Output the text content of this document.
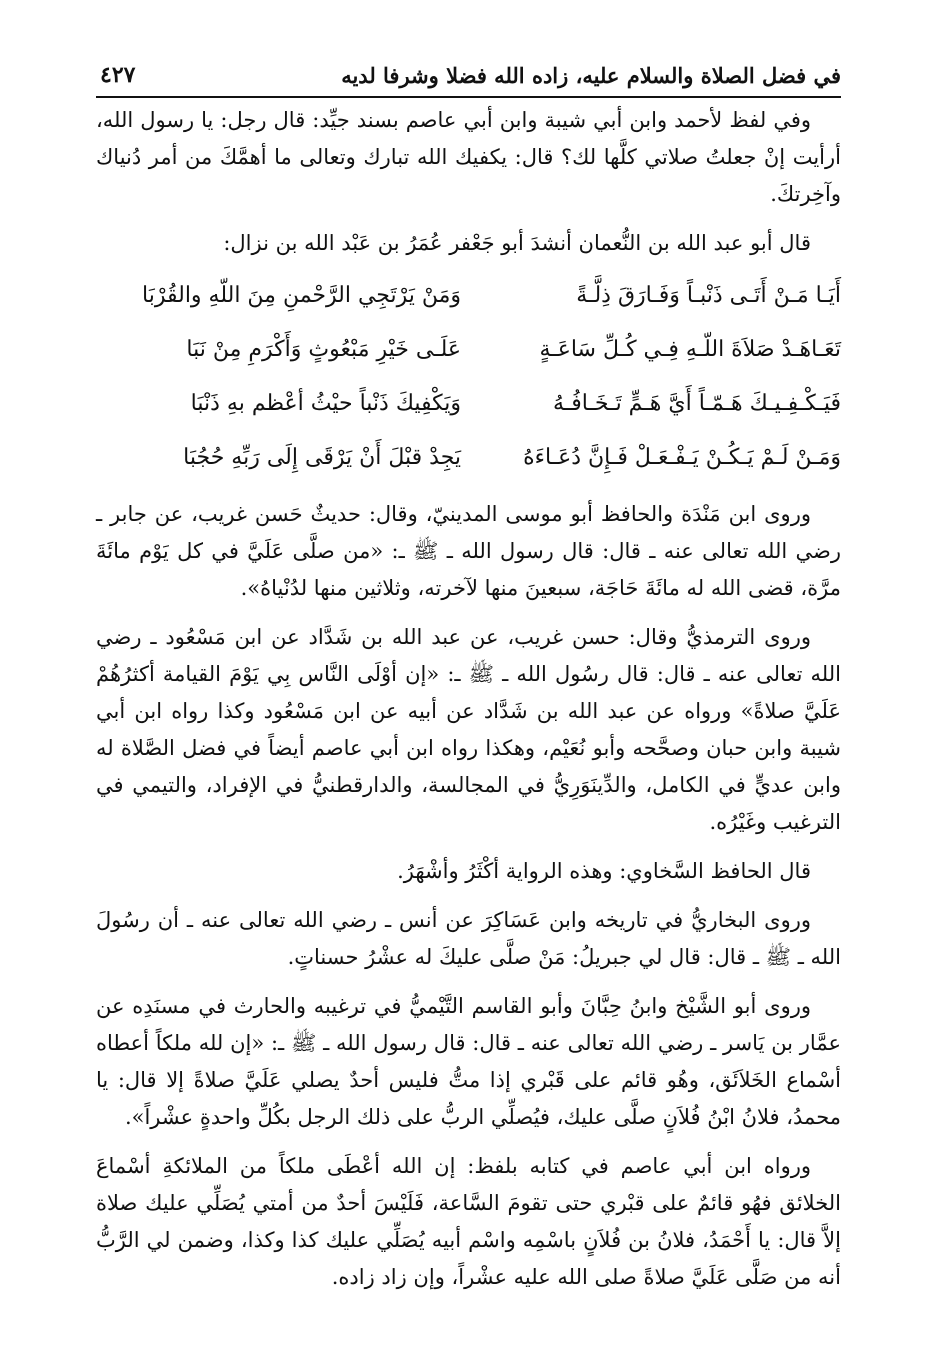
في فضل الصلاة والسلام عليه، زاده الله فضلا وشرفا لديه
٤٢٧

وفي لفظ لأحمد وابن أبي شيبة وابن أبي عاصم بسند جيِّد: قال رجل: يا رسول الله، أرأيت إنْ جعلتُ صلاتي كلَّها لك؟ قال: يكفيك الله تبارك وتعالى ما أهمَّكَ من أمر دُنياك وآخِرتكَ.

قال أبو عبد الله بن النُّعمان أنشدَ أبو جَعْفر عُمَرُ بن عَبْد الله بن نزال:

أَيَـا مَـنْ أَتَـى ذَنْبـاً وَفَـارَقَ ذِلَّـةً
وَمَنْ يَرْتَجِي الرَّحْمنِ مِنَ اللّهِ والقُرْبَا
تَعَـاهَـدْ صَلاَةَ اللّـهِ فِـي كُـلِّ سَاعَـةٍ
عَلَـى خَيْرِ مَبْعُوثٍ وَأَكْرَمِ مِنْ نَبَا
فَيَـكْـفِـيـكَ هَـمّـاً أَيَّ هَـمٍّ تَـخَـافُـهُ
وَيَكْفِيكَ ذَنْباً حيْثُ أعْظم بهِ ذَنْبَا
وَمَـنْ لَـمْ يَـكُـنْ يَـفْـعَـلْ فَـإِنَّ دُعَـاءَهُ
يَجِدْ قبْلَ أَنْ يَرْقَى إِلَى رَبِّهِ حُجُبَا

وروى ابن مَنْدَة والحافظ أبو موسى المدينيّ، وقال: حديثٌ حَسن غريب، عن جابر ـ رضي الله تعالى عنه ـ قال: قال رسول الله ـ ﷺ ـ: «من صلَّى عَلَيَّ في كل يَوْم مائَةَ مرَّة، قضى الله له مائَةَ حَاجَة، سبعينَ منها لآخرته، وثلاثين منها لدُنْياهُ».

وروى الترمذيُّ وقال: حسن غريب، عن عبد الله بن شَدَّاد عن ابن مَسْعُود ـ رضي الله تعالى عنه ـ قال: قال رسُول الله ـ ﷺ ـ: «إن أوْلَى النَّاس بِي يَوْمَ القيامة أكثرُهُمْ عَلَيَّ صلاةً» ورواه عن عبد الله بن شَدَّاد عن أبيه عن ابن مَسْعُود وكذا رواه ابن أبي شيبة وابن حبان وصحَّحه وأبو نُعَيْم، وهكذا رواه ابن أبي عاصم أيضاً في فضل الصَّلاة له وابن عديٍّ في الكامل، والدِّينَوَرِيُّ في المجالسة، والدارقطنيُّ في الإفراد، والتيمي في الترغيب وغَيْرُه.

قال الحافظ السَّخاوي: وهذه الرواية أكْثَرُ وأشْهَرُ.

وروى البخاريُّ في تاريخه وابن عَسَاكِرَ عن أنس ـ رضي الله تعالى عنه ـ أن رسُولَ الله ـ ﷺ ـ قال: قال لي جبريلُ: مَنْ صلَّى عليكَ له عشْرُ حسناتٍ.

وروى أبو الشَّيْخ وابنُ حِبَّانَ وأبو القاسم التَّيْميُّ في ترغيبه والحارث في مسنَدِه عن عمَّار بن يَاسر ـ رضي الله تعالى عنه ـ قال: قال رسول الله ـ ﷺ ـ: «إن لله ملكاً أعطاه أسْماع الخَلاَئَق، وهُو قائم على قَبْري إذا متُّ فليس أحدٌ يصلي عَلَيَّ صلاةً إلا قال: يا محمدُ، فلانُ ابْنُ فُلاَنٍ صلَّى عليك، فيُصلِّي الربُّ على ذلك الرجل بكُلِّ واحدةٍ عشْراً».

ورواه ابن أبي عاصم في كتابه بلفظ: إن الله أعْطَى ملكاً من الملائكةِ أسْماعَ الخلائق فهُو قائمٌ على قبْري حتى تقومَ السَّاعة، فَلَيْسَ أحدٌ من أمتي يُصَلِّي عليك صلاة إلاَّ قال: يا أَحْمَدُ، فلانُ بن فُلاَنٍ باسْمِه واسْم أبيه يُصَلِّي عليك كذا وكذا، وضمن لي الرَّبُّ أنه من صَلَّى عَلَيَّ صلاةً صلى الله عليه عشْراً، وإن زاد زاده.
